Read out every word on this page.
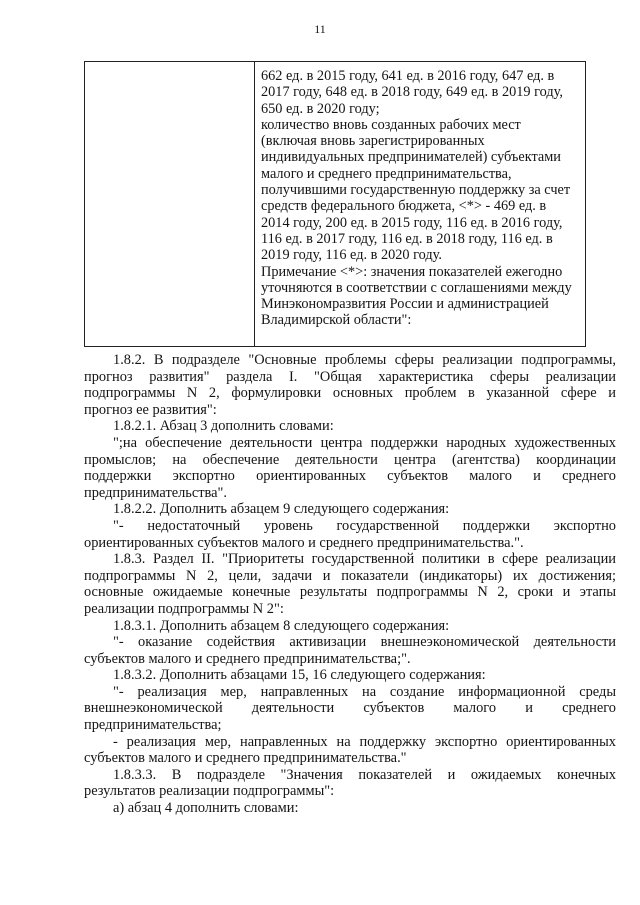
11
662 ед. в 2015 году, 641 ед. в 2016 году, 647 ед. в
2017 году, 648 ед. в 2018 году, 649 ед. в 2019 году,
650 ед. в 2020 году;
количество вновь созданных рабочих мест
(включая вновь зарегистрированных
индивидуальных предпринимателей) субъектами
малого и среднего предпринимательства,
получившими государственную поддержку за счет
средств федерального бюджета, <*> - 469 ед. в
2014 году, 200 ед. в 2015 году, 116 ед. в 2016 году,
116 ед. в 2017 году, 116 ед. в 2018 году, 116 ед. в
2019 году, 116 ед. в 2020 году.
Примечание <*>: значения показателей ежегодно
уточняются в соответствии с соглашениями между
Минэкономразвития России и администрацией
Владимирской области":
1.8.2. В подразделе "Основные проблемы сферы реализации подпрограммы,
прогноз развития" раздела I. "Общая характеристика сферы реализации
подпрограммы N 2, формулировки основных проблем в указанной сфере и
прогноз ее развития":
1.8.2.1. Абзац 3 дополнить словами:
";на обеспечение деятельности центра поддержки народных художественных
промыслов; на обеспечение деятельности центра (агентства) координации
поддержки экспортно ориентированных субъектов малого и среднего
предпринимательства".
1.8.2.2. Дополнить абзацем 9 следующего содержания:
"- недостаточный уровень государственной поддержки экспортно
ориентированных субъектов малого и среднего предпринимательства.".
1.8.3. Раздел II. "Приоритеты государственной политики в сфере реализации
подпрограммы N 2, цели, задачи и показатели (индикаторы) их достижения;
основные ожидаемые конечные результаты подпрограммы N 2, сроки и этапы
реализации подпрограммы N 2":
1.8.3.1. Дополнить абзацем 8 следующего содержания:
"- оказание содействия активизации внешнеэкономической деятельности
субъектов малого и среднего предпринимательства;".
1.8.3.2. Дополнить абзацами 15, 16 следующего содержания:
"- реализация мер, направленных на создание информационной среды
внешнеэкономической деятельности субъектов малого и среднего
предпринимательства;
- реализация мер, направленных на поддержку экспортно ориентированных
субъектов малого и среднего предпринимательства."
1.8.3.3. В подразделе "Значения показателей и ожидаемых конечных
результатов реализации подпрограммы":
а) абзац 4 дополнить словами:
